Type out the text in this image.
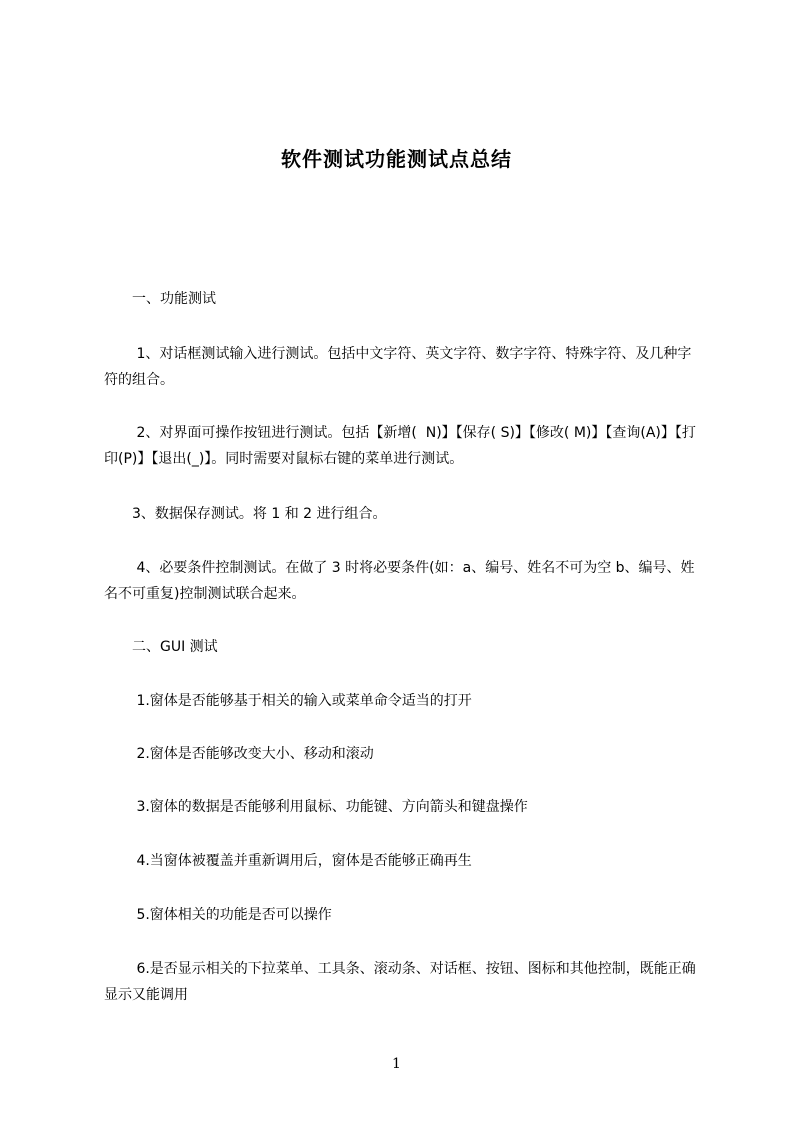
软件测试功能测试点总结
　　一、功能测试
　　 1、对话框测试输入进行测试。包括中文字符、英文字符、数字字符、特殊字符、及几种字符的组合。
　　 2、对界面可操作按钮进行测试。包括【新增(  N)】【保存( S)】【修改( M)】【查询(A)】【打印(P)】【退出(_)】。同时需要对鼠标右键的菜单进行测试。
　　3、数据保存测试。将 1 和 2 进行组合。
　　 4、必要条件控制测试。在做了 3 时将必要条件(如：a、编号、姓名不可为空 b、编号、姓名不可重复)控制测试联合起来。
　　二、GUI 测试
　　 1.窗体是否能够基于相关的输入或菜单命令适当的打开
　　 2.窗体是否能够改变大小、移动和滚动
　　 3.窗体的数据是否能够利用鼠标、功能键、方向箭头和键盘操作
　　 4.当窗体被覆盖并重新调用后，窗体是否能够正确再生
　　 5.窗体相关的功能是否可以操作
　　 6.是否显示相关的下拉菜单、工具条、滚动条、对话框、按钮、图标和其他控制，既能正确显示又能调用
1
